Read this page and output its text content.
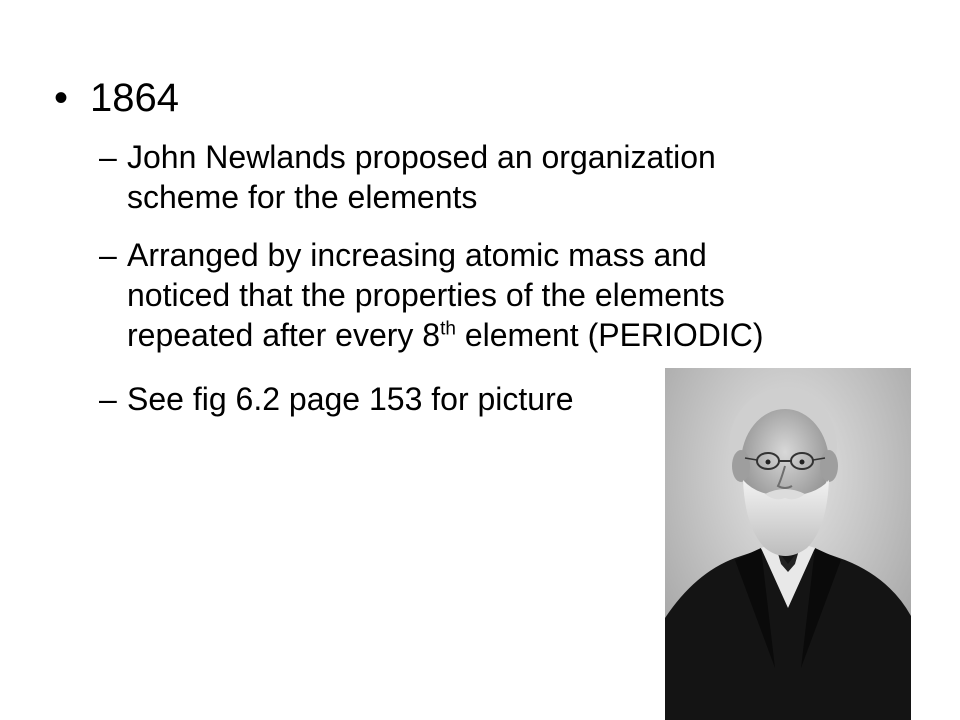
• 1864
– John Newlands proposed an organization
scheme for the elements
– Arranged by increasing atomic mass and
noticed that the properties of the elements
repeated after every 8th element (PERIODIC)
– See fig 6.2 page 153 for picture
